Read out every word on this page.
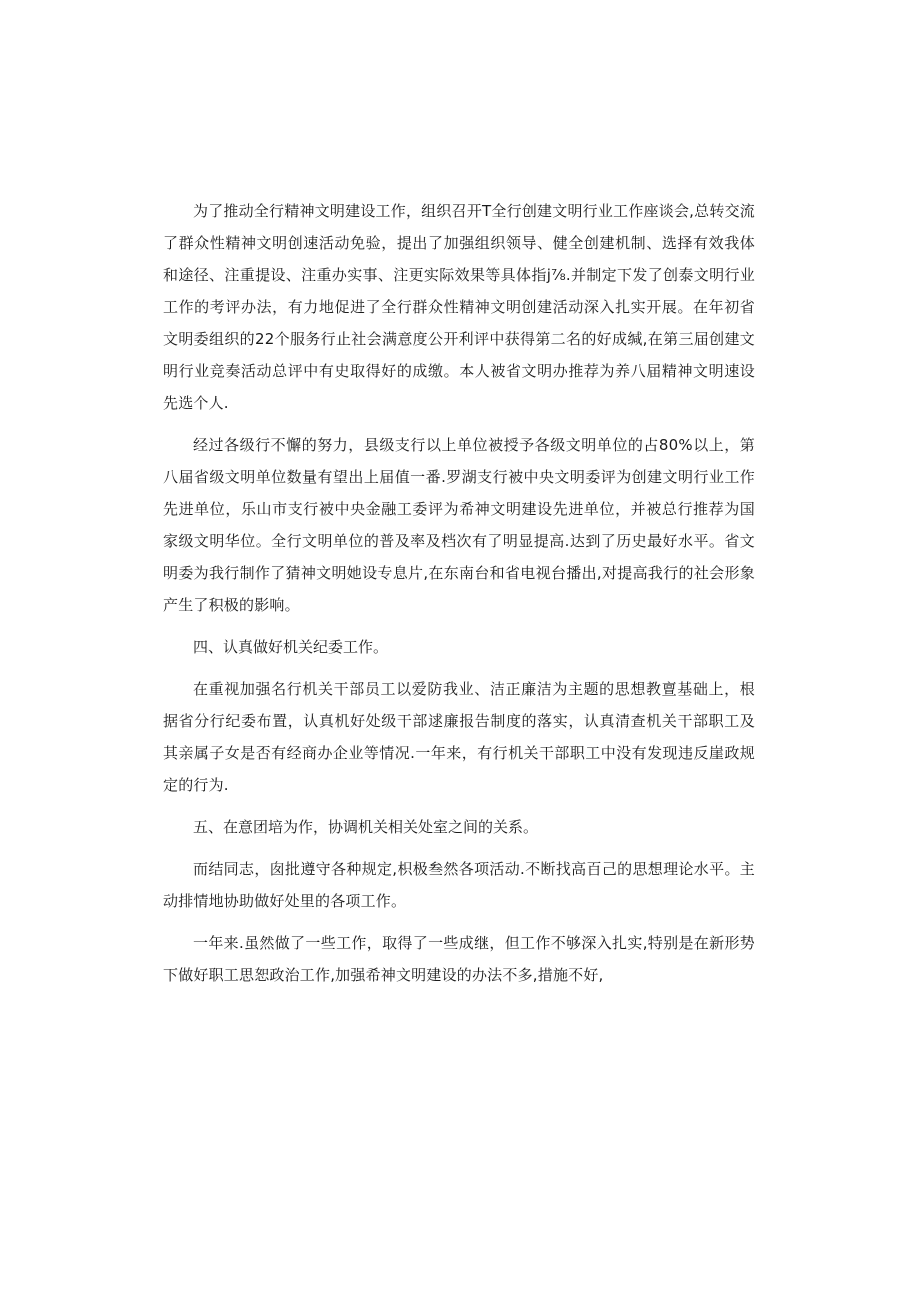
为了推动全行精神文明建设工作，组织召开T全行创建文明行业工作座谈会,总转交流了群众性精神文明创速活动免验，提出了加强组织领导、健全创建机制、选择有效我体和途径、注重提设、注重办实事、注更实际效果等具体指j⅞.并制定下发了创泰文明行业工作的考评办法，有力地促进了全行群众性精神文明创建活动深入扎实开展。在年初省文明委组织的22个服务行止社会满意度公开利评中获得第二名的好成缄,在第三届创建文明行业竞奏活动总评中有史取得好的成缴。本人被省文明办推荐为养八届精神文明速设先选个人.

经过各级行不懈的努力，县级支行以上单位被授予各级文明单位的占80%以上，第八届省级文明单位数量有望出上届值一番.罗湖支行被中央文明委评为创建文明行业工作先进单位，乐山市支行被中央金融工委评为希神文明建设先进单位，并被总行推荐为国家级文明华位。全行文明单位的普及率及档次有了明显提高.达到了历史最好水平。省文明委为我行制作了猜神文明她设专息片,在东南台和省电视台播出,对提高我行的社会形象产生了积极的影响。

四、认真做好机关纪委工作。

在重视加强名行机关干部员工以爱防我业、洁正廉洁为主题的思想教亶基础上，根据省分行纪委布置，认真机好处级干部逑廉报告制度的落实，认真清查机关干部职工及其亲属子女是否有经商办企业等情况.一年来，有行机关干部职工中没有发现违反崖政规定的行为.

五、在意团培为作，协调机关相关处室之间的关系。

而结同志，囱批遵守各种规定,枳极叁然各项活动.不断找高百己的思想理论水平。主动排情地协助做好处里的各项工作。

一年来.虽然做了一些工作，取得了一些成继，但工作不够深入扎实,特别是在新形势下做好职工思恕政治工作,加强希神文明建设的办法不多,措施不好,
